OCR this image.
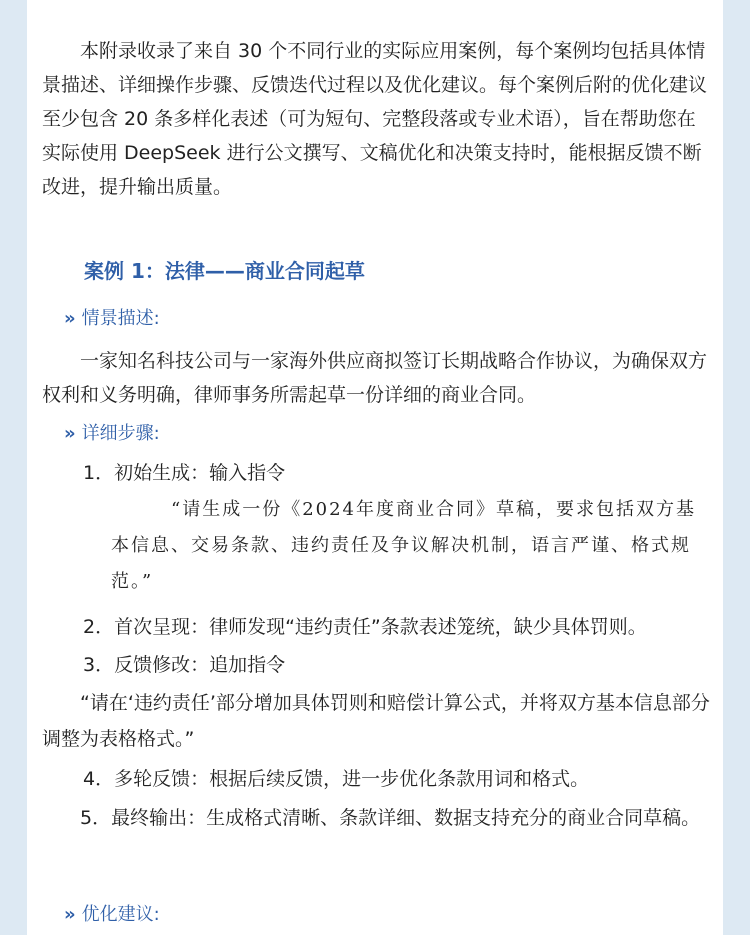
本附录收录了来自 30 个不同行业的实际应用案例，每个案例均包括具体情景描述、详细操作步骤、反馈迭代过程以及优化建议。每个案例后附的优化建议至少包含 20 条多样化表述（可为短句、完整段落或专业术语），旨在帮助您在实际使用 DeepSeek 进行公文撰写、文稿优化和决策支持时，能根据反馈不断改进，提升输出质量。

案例 1：法律——商业合同起草
» 情景描述:

一家知名科技公司与一家海外供应商拟签订长期战略合作协议，为确保双方权利和义务明确，律师事务所需起草一份详细的商业合同。

» 详细步骤:

1．初始生成：输入指令

“请生成一份《2024年度商业合同》草稿，要求包括双方基本信息、交易条款、违约责任及争议解决机制，语言严谨、格式规范。”

2．首次呈现：律师发现“违约责任”条款表述笼统，缺少具体罚则。

3．反馈修改：追加指令

“请在‘违约责任’部分增加具体罚则和赔偿计算公式，并将双方基本信息部分调整为表格格式。”

4．多轮反馈：根据后续反馈，进一步优化条款用词和格式。

5．最终输出：生成格式清晰、条款详细、数据支持充分的商业合同草稿。

» 优化建议:
